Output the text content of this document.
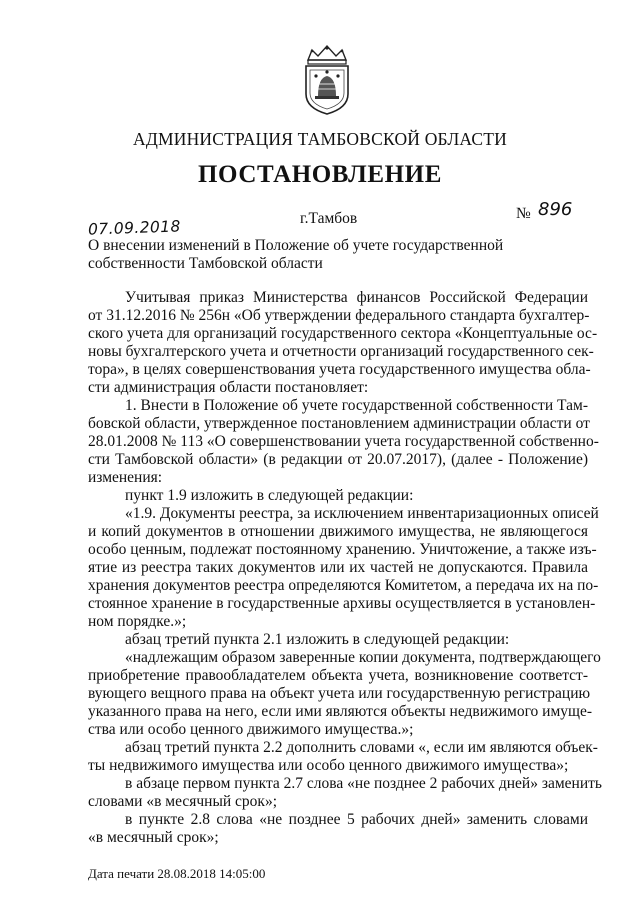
АДМИНИСТРАЦИЯ ТАМБОВСКОЙ ОБЛАСТИ
ПОСТАНОВЛЕНИЕ
07.09.2018	г.Тамбов	№ 896
О внесении изменений в Положение об учете государственной собственности Тамбовской области
Учитывая приказ Министерства финансов Российской Федерации
от 31.12.2016 № 256н «Об утверждении федерального стандарта бухгалтер-
ского учета для организаций государственного сектора «Концептуальные ос-
новы бухгалтерского учета и отчетности организаций государственного сек-
тора», в целях совершенствования учета государственного имущества обла-
сти администрация области постановляет:
1. Внести в Положение об учете государственной собственности Там-
бовской области, утвержденное постановлением администрации области от
28.01.2008 № 113 «О совершенствовании учета государственной собственно-
сти Тамбовской области» (в редакции от 20.07.2017), (далее - Положение)
изменения:
пункт 1.9 изложить в следующей редакции:
«1.9. Документы реестра, за исключением инвентаризационных описей
и копий документов в отношении движимого имущества, не являющегося
особо ценным, подлежат постоянному хранению. Уничтожение, а также изъ-
ятие из реестра таких документов или их частей не допускаются. Правила
хранения документов реестра определяются Комитетом, а передача их на по-
стоянное хранение в государственные архивы осуществляется в установлен-
ном порядке.»;
абзац третий пункта 2.1 изложить в следующей редакции:
«надлежащим образом заверенные копии документа, подтверждающего
приобретение правообладателем объекта учета, возникновение соответст-
вующего вещного права на объект учета или государственную регистрацию
указанного права на него, если ими являются объекты недвижимого имуще-
ства или особо ценного движимого имущества.»;
абзац третий пункта 2.2 дополнить словами «, если им являются объек-
ты недвижимого имущества или особо ценного движимого имущества»;
в абзаце первом пункта 2.7 слова «не позднее 2 рабочих дней» заменить
словами «в месячный срок»;
в пункте 2.8 слова «не позднее 5 рабочих дней» заменить словами
«в месячный срок»;
Дата печати 28.08.2018 14:05:00
